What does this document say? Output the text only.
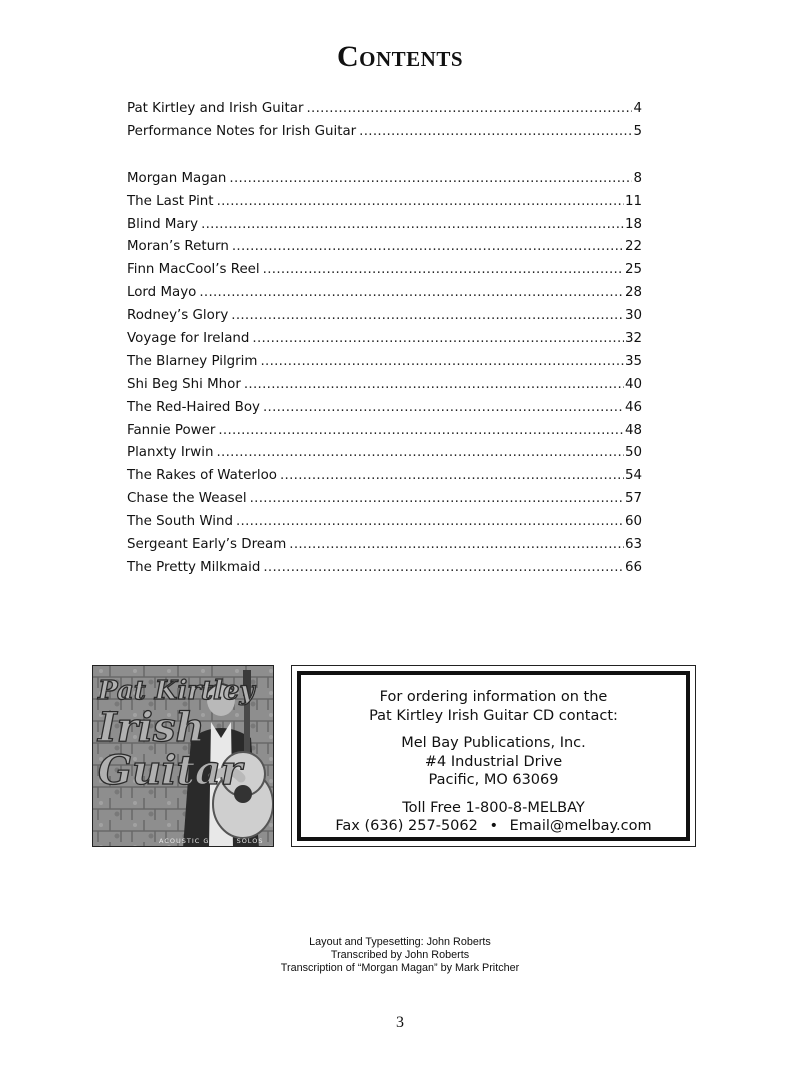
Contents
Pat Kirtley and Irish Guitar .....	4
Performance Notes for Irish Guitar .....	5
Morgan Magan .....	8
The Last Pint .....	11
Blind Mary .....	18
Moran’s Return .....	22
Finn MacCool’s Reel .....	25
Lord Mayo .....	28
Rodney’s Glory .....	30
Voyage for Ireland .....	32
The Blarney Pilgrim .....	35
Shi Beg Shi Mhor .....	40
The Red-Haired Boy .....	46
Fannie Power .....	48
Planxty Irwin .....	50
The Rakes of Waterloo .....	54
Chase the Weasel .....	57
The South Wind .....	60
Sergeant Early’s Dream .....	63
The Pretty Milkmaid .....	66
Pat Kirtley
Irish
Guitar
ACOUSTIC GUITAR SOLOS
For ordering information on the
Pat Kirtley Irish Guitar CD contact:
Mel Bay Publications, Inc.
#4 Industrial Drive
Pacific, MO 63069
Toll Free 1-800-8-MELBAY
Fax (636) 257-5062 • Email@melbay.com
Layout and Typesetting: John Roberts
Transcribed by John Roberts
Transcription of “Morgan Magan” by Mark Pritcher
3
